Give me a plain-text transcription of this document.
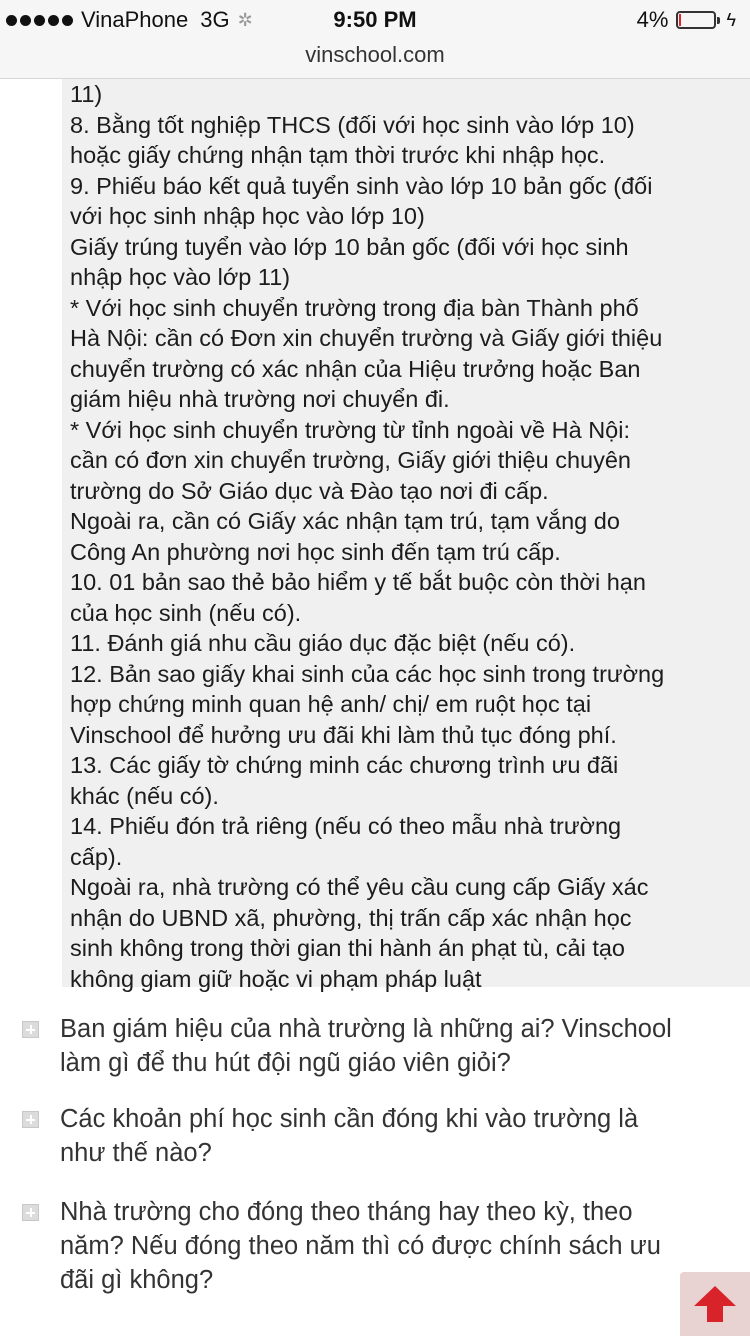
VinaPhone 3G ✲	9:50 PM	4%	ϟ
vinschool.com
11)
8. Bằng tốt nghiệp THCS (đối với học sinh vào lớp 10)
hoặc giấy chứng nhận tạm thời trước khi nhập học.
9. Phiếu báo kết quả tuyển sinh vào lớp 10 bản gốc (đối
với học sinh nhập học vào lớp 10)
Giấy trúng tuyển vào lớp 10 bản gốc (đối với học sinh
nhập học vào lớp 11)
* Với học sinh chuyển trường trong địa bàn Thành phố
Hà Nội: cần có Đơn xin chuyển trường và Giấy giới thiệu
chuyển trường có xác nhận của Hiệu trưởng hoặc Ban
giám hiệu nhà trường nơi chuyển đi.
* Với học sinh chuyển trường từ tỉnh ngoài về Hà Nội:
cần có đơn xin chuyển trường, Giấy giới thiệu chuyên
trường do Sở Giáo dục và Đào tạo nơi đi cấp.
Ngoài ra, cần có Giấy xác nhận tạm trú, tạm vắng do
Công An phường nơi học sinh đến tạm trú cấp.
10. 01 bản sao thẻ bảo hiểm y tế bắt buộc còn thời hạn
của học sinh (nếu có).
11. Đánh giá nhu cầu giáo dục đặc biệt (nếu có).
12. Bản sao giấy khai sinh của các học sinh trong trường
hợp chứng minh quan hệ anh/ chị/ em ruột học tại
Vinschool để hưởng ưu đãi khi làm thủ tục đóng phí.
13. Các giấy tờ chứng minh các chương trình ưu đãi
khác (nếu có).
14. Phiếu đón trả riêng (nếu có theo mẫu nhà trường
cấp).
Ngoài ra, nhà trường có thể yêu cầu cung cấp Giấy xác
nhận do UBND xã, phường, thị trấn cấp xác nhận học
sinh không trong thời gian thi hành án phạt tù, cải tạo
không giam giữ hoặc vi phạm pháp luật
Ban giám hiệu của nhà trường là những ai? Vinschool
làm gì để thu hút đội ngũ giáo viên giỏi?
Các khoản phí học sinh cần đóng khi vào trường là
như thế nào?
Nhà trường cho đóng theo tháng hay theo kỳ, theo
năm? Nếu đóng theo năm thì có được chính sách ưu
đãi gì không?
